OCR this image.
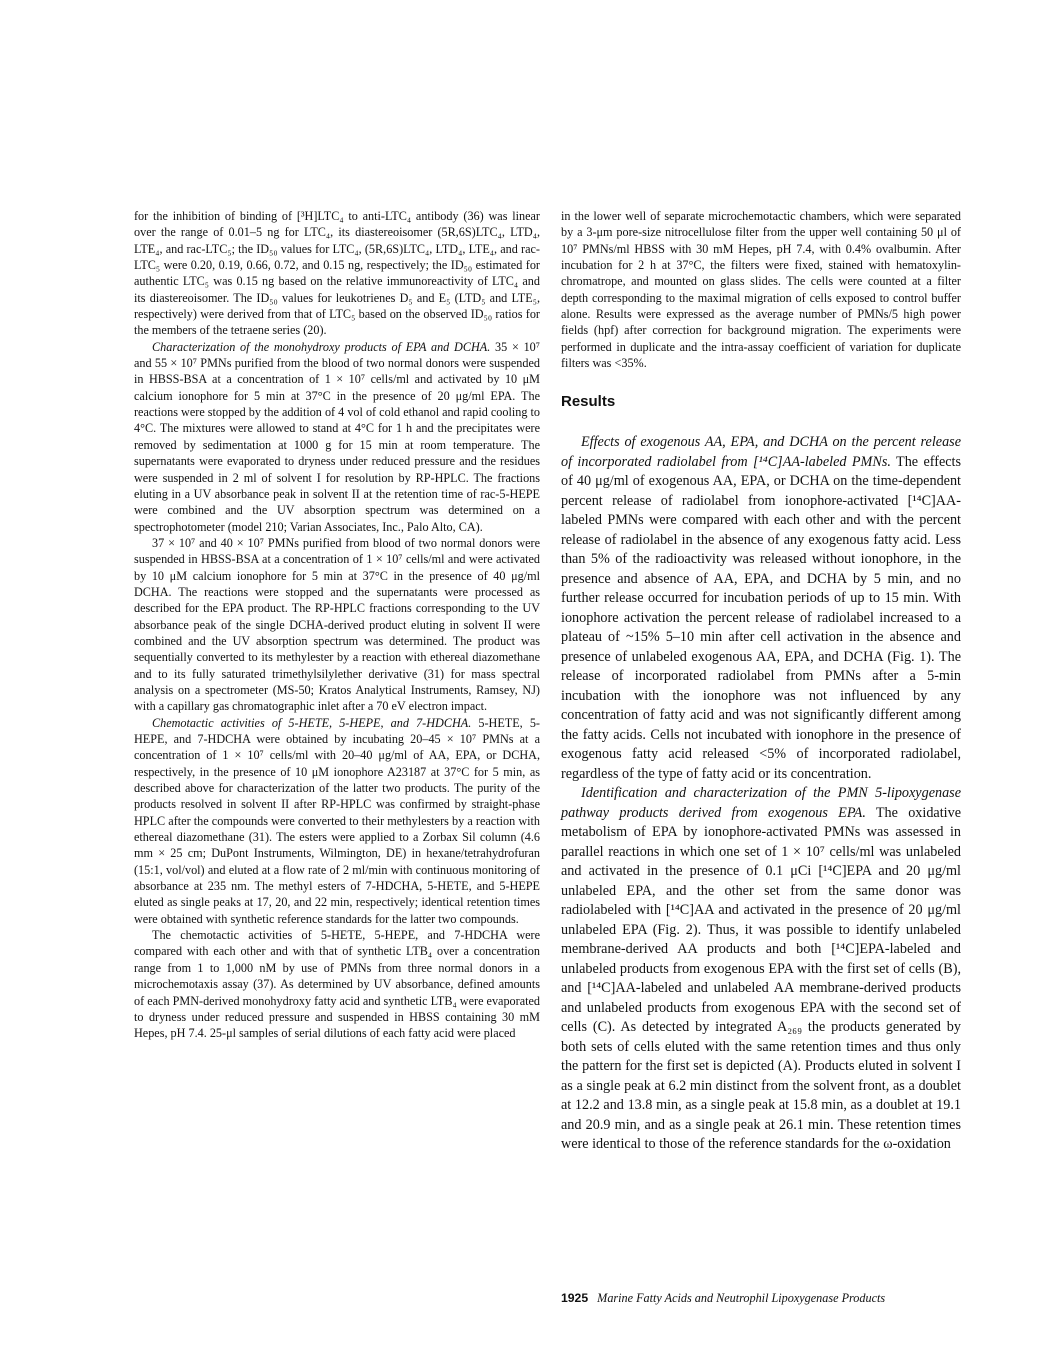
for the inhibition of binding of [³H]LTC₄ to anti-LTC₄ antibody (36) was linear over the range of 0.01–5 ng for LTC₄, its diastereoisomer (5R,6S)LTC₄, LTD₄, LTE₄, and rac-LTC₅; the ID₅₀ values for LTC₄, (5R,6S)LTC₄, LTD₄, LTE₄, and rac-LTC₅ were 0.20, 0.19, 0.66, 0.72, and 0.15 ng, respectively; the ID₅₀ estimated for authentic LTC₅ was 0.15 ng based on the relative immunoreactivity of LTC₄ and its diastereoisomer. The ID₅₀ values for leukotrienes D₅ and E₅ (LTD₅ and LTE₅, respectively) were derived from that of LTC₅ based on the observed ID₅₀ ratios for the members of the tetraene series (20).

Characterization of the monohydroxy products of EPA and DCHA. 35 × 10⁷ and 55 × 10⁷ PMNs purified from the blood of two normal donors were suspended in HBSS-BSA at a concentration of 1 × 10⁷ cells/ml and activated by 10 μM calcium ionophore for 5 min at 37°C in the presence of 20 μg/ml EPA. The reactions were stopped by the addition of 4 vol of cold ethanol and rapid cooling to 4°C. The mixtures were allowed to stand at 4°C for 1 h and the precipitates were removed by sedimentation at 1000 g for 15 min at room temperature. The supernatants were evaporated to dryness under reduced pressure and the residues were suspended in 2 ml of solvent I for resolution by RP-HPLC. The fractions eluting in a UV absorbance peak in solvent II at the retention time of rac-5-HEPE were combined and the UV absorption spectrum was determined on a spectrophotometer (model 210; Varian Associates, Inc., Palo Alto, CA).

37 × 10⁷ and 40 × 10⁷ PMNs purified from blood of two normal donors were suspended in HBSS-BSA at a concentration of 1 × 10⁷ cells/ml and were activated by 10 μM calcium ionophore for 5 min at 37°C in the presence of 40 μg/ml DCHA. The reactions were stopped and the supernatants were processed as described for the EPA product. The RP-HPLC fractions corresponding to the UV absorbance peak of the single DCHA-derived product eluting in solvent II were combined and the UV absorption spectrum was determined. The product was sequentially converted to its methylester by a reaction with ethereal diazomethane and to its fully saturated trimethylsilylether derivative (31) for mass spectral analysis on a spectrometer (MS-50; Kratos Analytical Instruments, Ramsey, NJ) with a capillary gas chromatographic inlet after a 70 eV electron impact.

Chemotactic activities of 5-HETE, 5-HEPE, and 7-HDCHA. 5-HETE, 5-HEPE, and 7-HDCHA were obtained by incubating 20–45 × 10⁷ PMNs at a concentration of 1 × 10⁷ cells/ml with 20–40 μg/ml of AA, EPA, or DCHA, respectively, in the presence of 10 μM ionophore A23187 at 37°C for 5 min, as described above for characterization of the latter two products. The purity of the products resolved in solvent II after RP-HPLC was confirmed by straight-phase HPLC after the compounds were converted to their methylesters by a reaction with ethereal diazomethane (31). The esters were applied to a Zorbax Sil column (4.6 mm × 25 cm; DuPont Instruments, Wilmington, DE) in hexane/tetrahydrofuran (15:1, vol/vol) and eluted at a flow rate of 2 ml/min with continuous monitoring of absorbance at 235 nm. The methyl esters of 7-HDCHA, 5-HETE, and 5-HEPE eluted as single peaks at 17, 20, and 22 min, respectively; identical retention times were obtained with synthetic reference standards for the latter two compounds.

The chemotactic activities of 5-HETE, 5-HEPE, and 7-HDCHA were compared with each other and with that of synthetic LTB₄ over a concentration range from 1 to 1,000 nM by use of PMNs from three normal donors in a microchemotaxis assay (37). As determined by UV absorbance, defined amounts of each PMN-derived monohydroxy fatty acid and synthetic LTB₄ were evaporated to dryness under reduced pressure and suspended in HBSS containing 30 mM Hepes, pH 7.4. 25-μl samples of serial dilutions of each fatty acid were placed

in the lower well of separate microchemotactic chambers, which were separated by a 3-μm pore-size nitrocellulose filter from the upper well containing 50 μl of 10⁷ PMNs/ml HBSS with 30 mM Hepes, pH 7.4, with 0.4% ovalbumin. After incubation for 2 h at 37°C, the filters were fixed, stained with hematoxylin-chromatrope, and mounted on glass slides. The cells were counted at a filter depth corresponding to the maximal migration of cells exposed to control buffer alone. Results were expressed as the average number of PMNs/5 high power fields (hpf) after correction for background migration. The experiments were performed in duplicate and the intra-assay coefficient of variation for duplicate filters was <35%.

Results

Effects of exogenous AA, EPA, and DCHA on the percent release of incorporated radiolabel from [¹⁴C]AA-labeled PMNs. The effects of 40 μg/ml of exogenous AA, EPA, or DCHA on the time-dependent percent release of radiolabel from ionophore-activated [¹⁴C]AA-labeled PMNs were compared with each other and with the percent release of radiolabel in the absence of any exogenous fatty acid. Less than 5% of the radioactivity was released without ionophore, in the presence and absence of AA, EPA, and DCHA by 5 min, and no further release occurred for incubation periods of up to 15 min. With ionophore activation the percent release of radiolabel increased to a plateau of ~15% 5–10 min after cell activation in the absence and presence of unlabeled exogenous AA, EPA, and DCHA (Fig. 1). The release of incorporated radiolabel from PMNs after a 5-min incubation with the ionophore was not influenced by any concentration of fatty acid and was not significantly different among the fatty acids. Cells not incubated with ionophore in the presence of exogenous fatty acid released <5% of incorporated radiolabel, regardless of the type of fatty acid or its concentration.

Identification and characterization of the PMN 5-lipoxygenase pathway products derived from exogenous EPA. The oxidative metabolism of EPA by ionophore-activated PMNs was assessed in parallel reactions in which one set of 1 × 10⁷ cells/ml was unlabeled and activated in the presence of 0.1 μCi [¹⁴C]EPA and 20 μg/ml unlabeled EPA, and the other set from the same donor was radiolabeled with [¹⁴C]AA and activated in the presence of 20 μg/ml unlabeled EPA (Fig. 2). Thus, it was possible to identify unlabeled membrane-derived AA products and both [¹⁴C]EPA-labeled and unlabeled products from exogenous EPA with the first set of cells (B), and [¹⁴C]AA-labeled and unlabeled AA membrane-derived products and unlabeled products from exogenous EPA with the second set of cells (C). As detected by integrated A₂₆₉ the products generated by both sets of cells eluted with the same retention times and thus only the pattern for the first set is depicted (A). Products eluted in solvent I as a single peak at 6.2 min distinct from the solvent front, as a doublet at 12.2 and 13.8 min, as a single peak at 15.8 min, as a doublet at 19.1 and 20.9 min, and as a single peak at 26.1 min. These retention times were identical to those of the reference standards for the ω-oxidation

1925 Marine Fatty Acids and Neutrophil Lipoxygenase Products
